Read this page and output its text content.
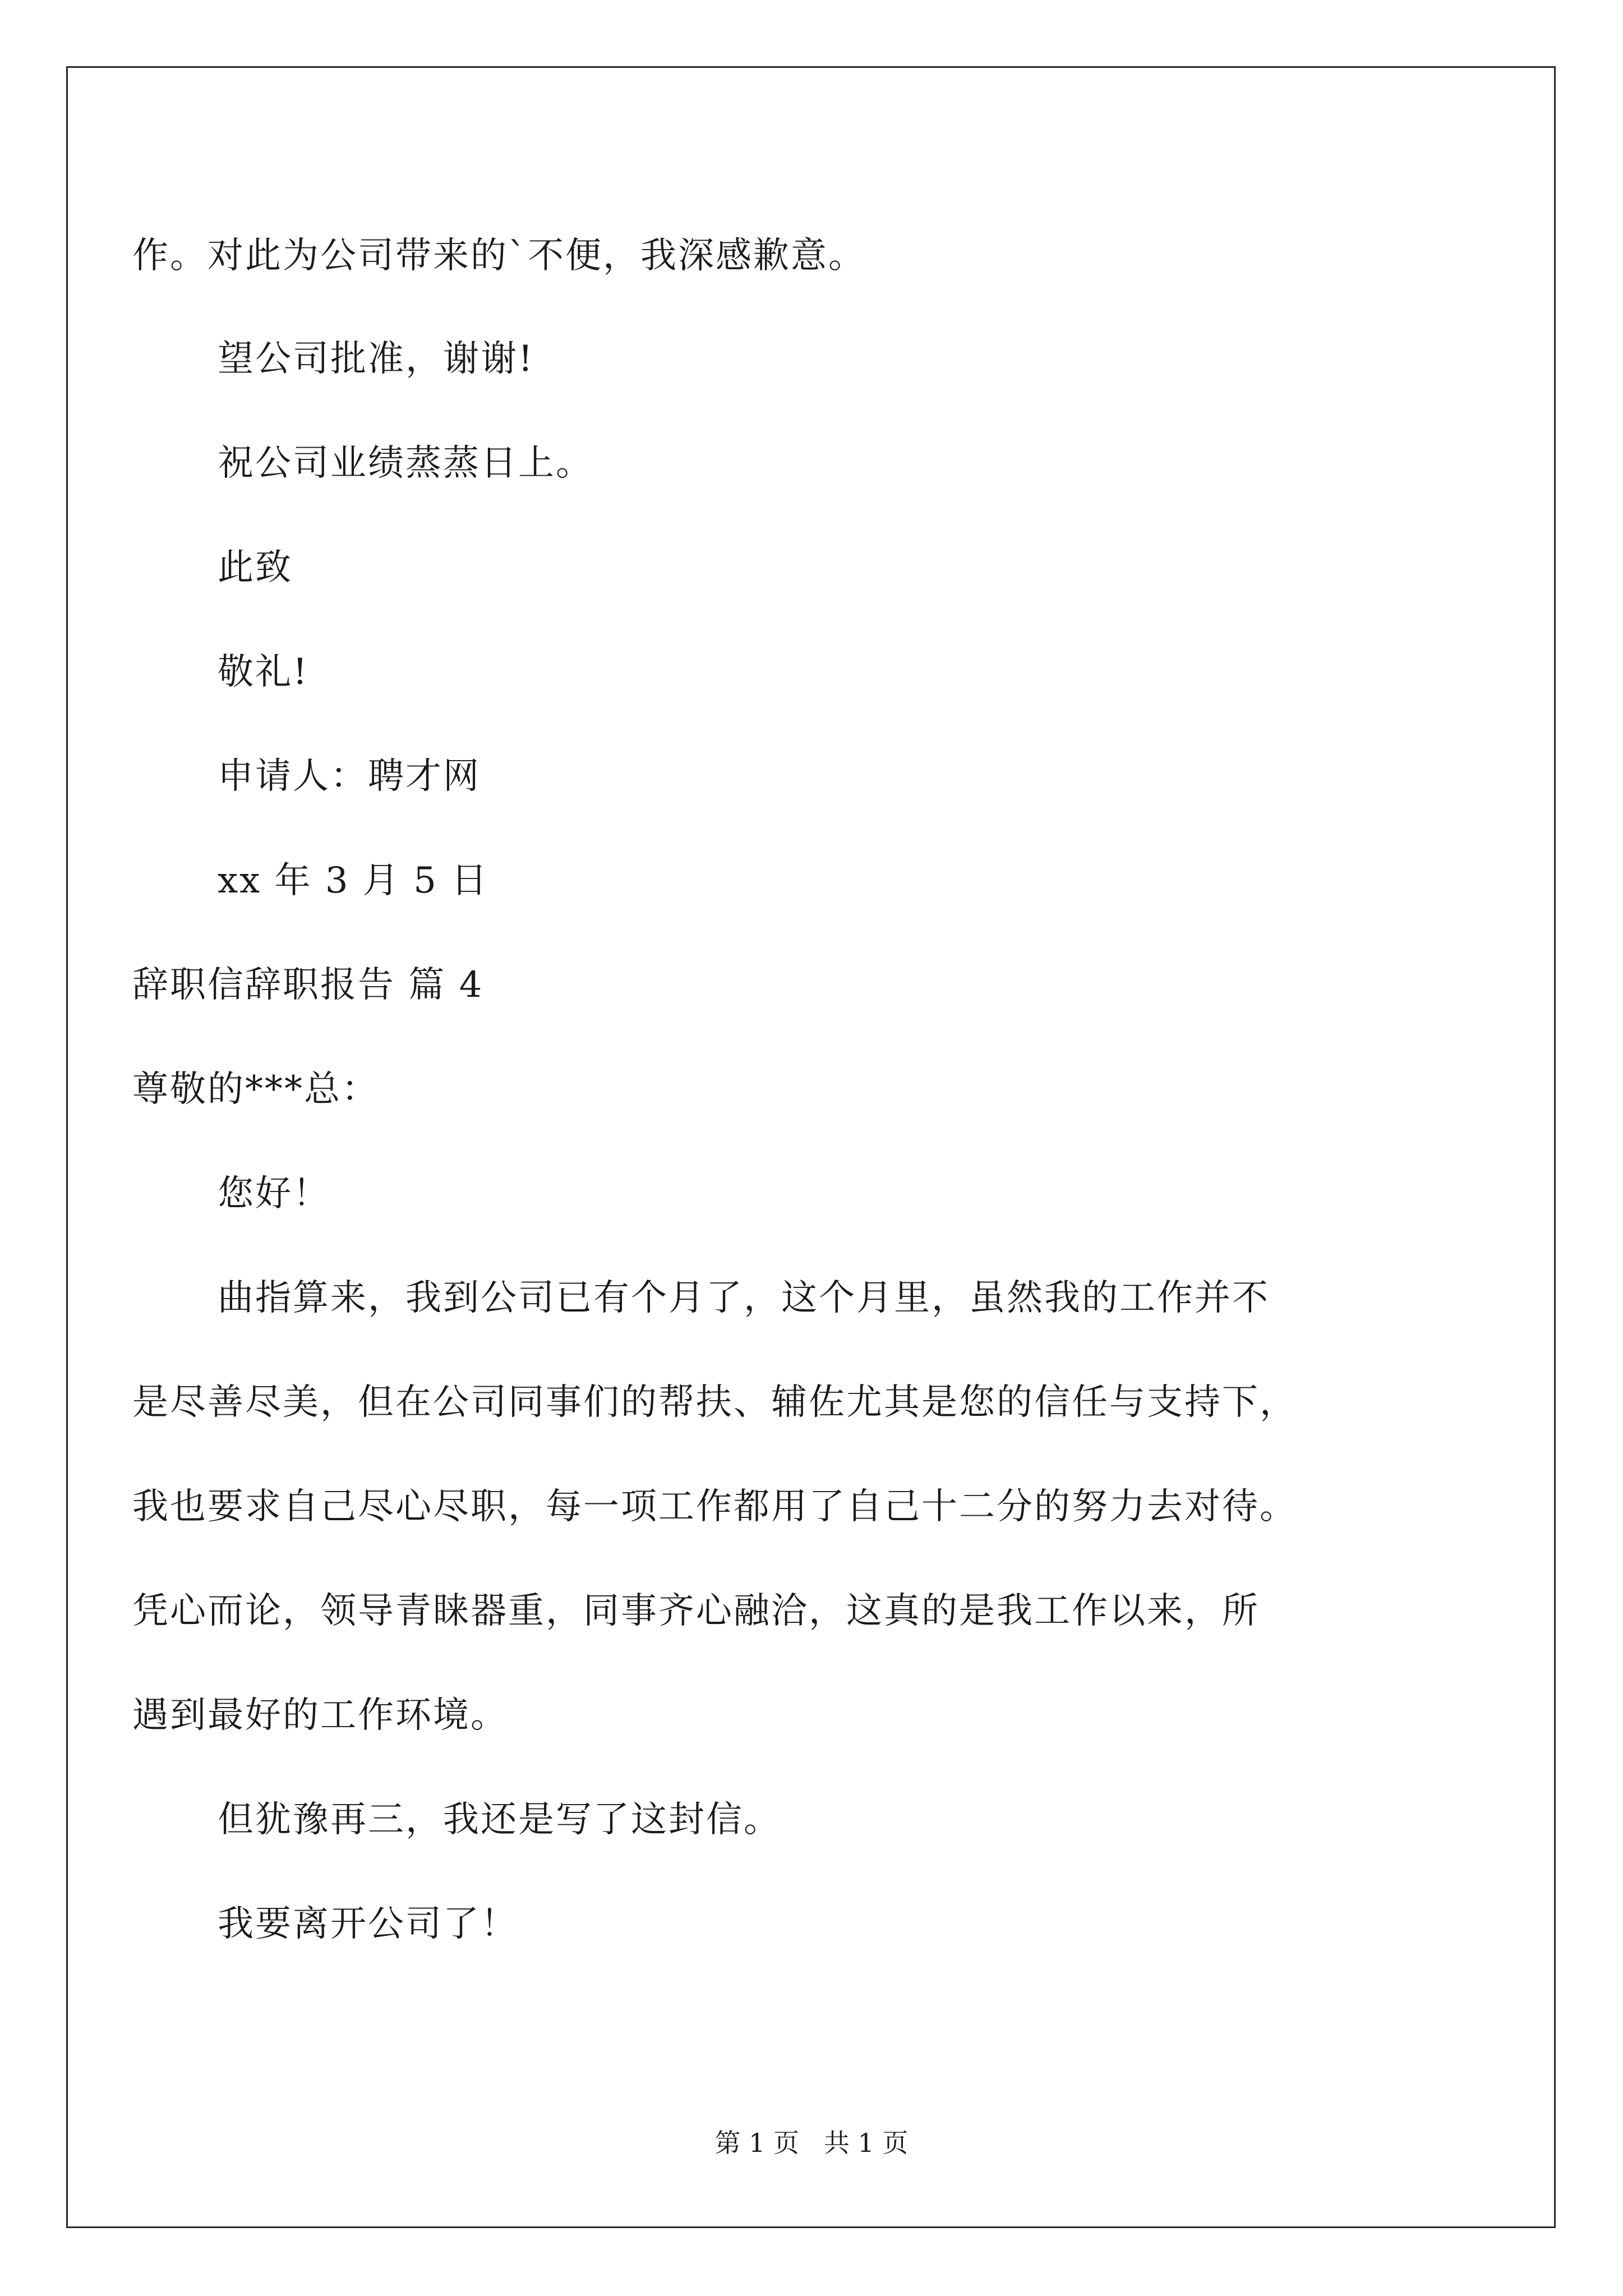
作。对此为公司带来的`不便，我深感歉意。
望公司批准，谢谢!
祝公司业绩蒸蒸日上。
此致
敬礼!
申请人：聘才网
xx 年 3 月 5 日
辞职信辞职报告 篇 4
尊敬的***总：
您好！
曲指算来，我到公司已有个月了，这个月里，虽然我的工作并不
是尽善尽美，但在公司同事们的帮扶、辅佐尤其是您的信任与支持下，
我也要求自己尽心尽职，每一项工作都用了自己十二分的努力去对待。
凭心而论，领导青睐器重，同事齐心融洽，这真的是我工作以来，所
遇到最好的工作环境。
但犹豫再三，我还是写了这封信。
我要离开公司了！
第 1 页   共 1 页
